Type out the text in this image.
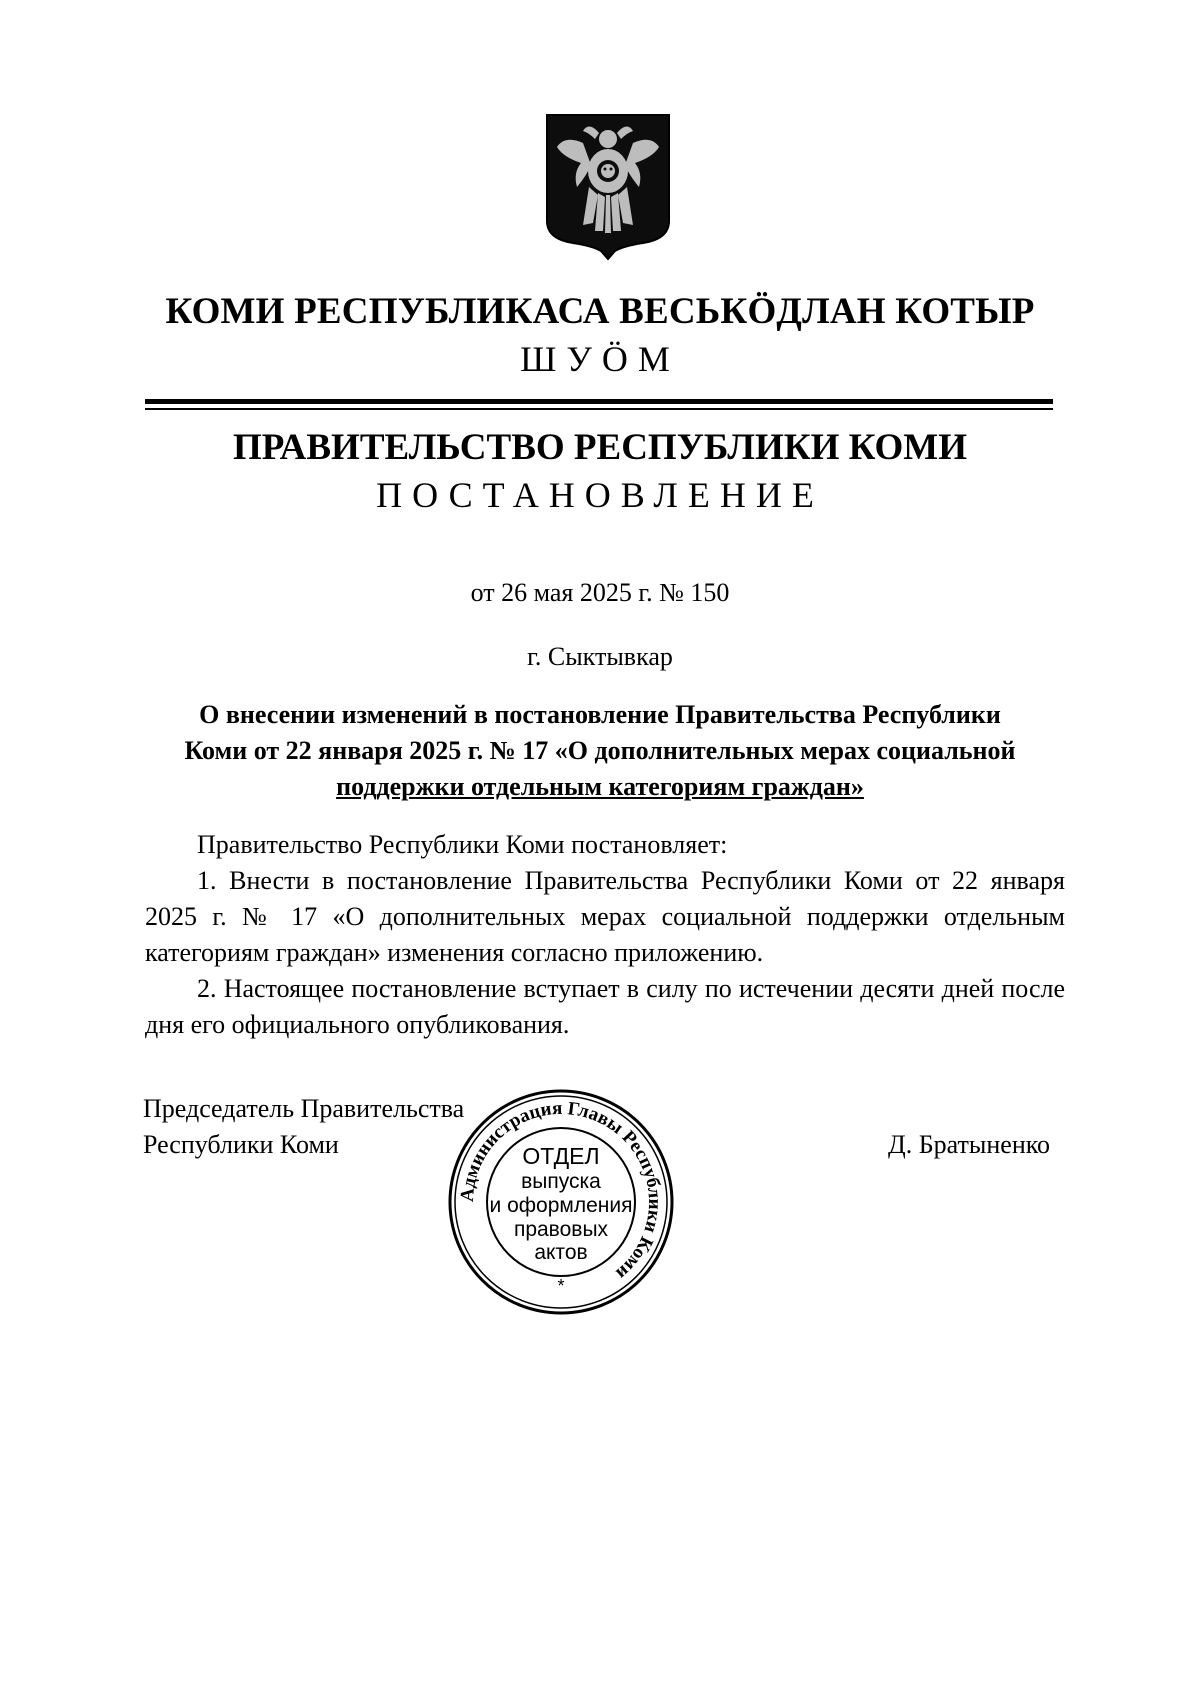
КОМИ РЕСПУБЛИКАСА ВЕСЬКÖДЛАН КОТЫР
ШУÖМ
ПРАВИТЕЛЬСТВО РЕСПУБЛИКИ КОМИ
ПОСТАНОВЛЕНИЕ
от 26 мая 2025 г. № 150
г. Сыктывкар
О внесении изменений в постановление Правительства Республики
Коми от 22 января 2025 г. № 17 «О дополнительных мерах социальной
поддержки отдельным категориям граждан»

Правительство Республики Коми постановляет:

1. Внести в постановление Правительства Республики Коми от 22 января 2025 г. № 17 «О дополнительных мерах социальной поддержки отдельным категориям граждан» изменения согласно приложению.

2. Настоящее постановление вступает в силу по истечении десяти дней после дня его официального опубликования.

Председатель Правительства
Республики Коми	Д. Братыненко
Администрация Главы Республики Коми
ОТДЕЛ
выпуска
и оформления
правовых
актов
*
